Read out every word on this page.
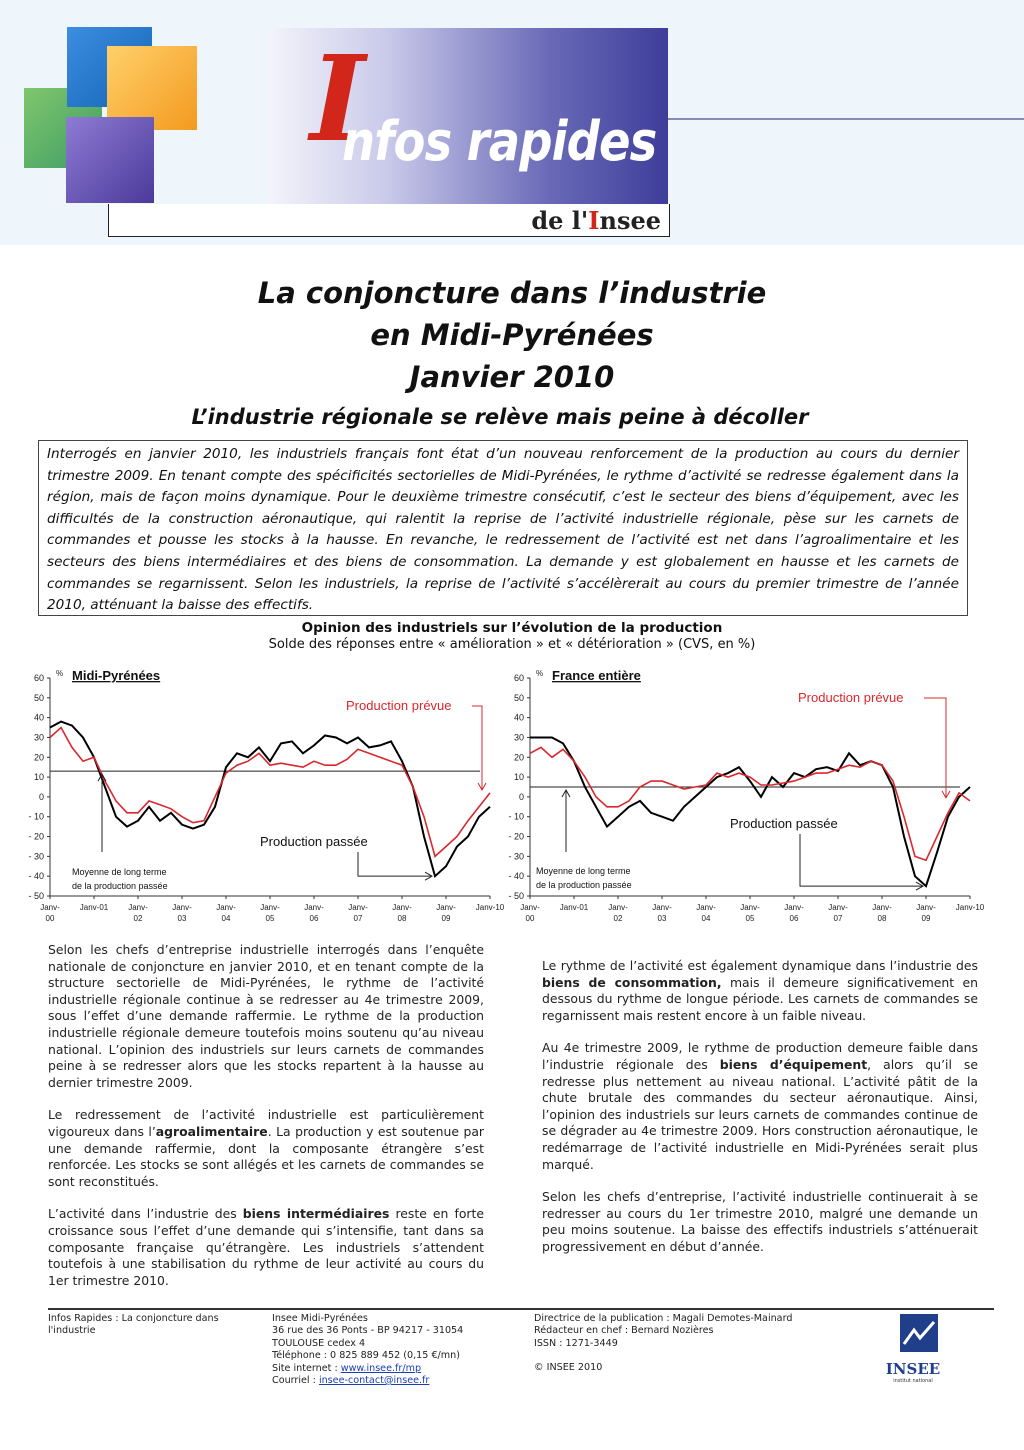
I
nfos rapides
de l'Insee
La conjoncture dans l’industrie
en Midi-Pyrénées
Janvier 2010
L’industrie régionale se relève mais peine à décoller
Interrogés en janvier 2010, les industriels français font état d’un nouveau renforcement de la production au cours du dernier trimestre 2009. En tenant compte des spécificités sectorielles de Midi-Pyrénées, le rythme d’activité se redresse également dans la région, mais de façon moins dynamique. Pour le deuxième trimestre consécutif, c’est le secteur des biens d’équipement, avec les difficultés de la construction aéronautique, qui ralentit la reprise de l’activité industrielle régionale, pèse sur les carnets de commandes et pousse les stocks à la hausse. En revanche, le redressement de l’activité est net dans l’agroalimentaire et les secteurs des biens intermédiaires et des biens de consommation. La demande y est globalement en hausse et les carnets de commandes se regarnissent. Selon les industriels, la reprise de l’activité s’accélèrerait au cours du premier trimestre de l’année 2010, atténuant la baisse des effectifs.
Opinion des industriels sur l’évolution de la production
Solde des réponses entre « amélioration » et « détérioration » (CVS, en %)
60
50
40
30
20
10
0
- 10
- 20
- 30
- 40
- 50
%
Janv-
00
Janv-01 Janv-
02
Janv-
03
Janv-
04
Janv-
05
Janv-
06
Janv-
07
Janv-
08
Janv-
09
Janv-10
Midi-Pyrénées
Production prévue
Production passée
Moyenne de long terme
de la production passée
60
50
40
30
20
10
0
- 10
- 20
- 30
- 40
- 50
%
Janv-
00
Janv-01 Janv-
02
Janv-
03
Janv-
04
Janv-
05
Janv-
06
Janv-
07
Janv-
08
Janv-
09
Janv-10
France entière
Production prévue
Production passée
Moyenne de long terme
de la production passée

Selon les chefs d’entreprise industrielle interrogés dans l’enquête nationale de conjoncture en janvier 2010, et en tenant compte de la structure sectorielle de Midi-Pyrénées, le rythme de l’activité industrielle régionale continue à se redresser au 4e trimestre 2009, sous l’effet d’une demande raffermie. Le rythme de la production industrielle régionale demeure toutefois moins soutenu qu’au niveau national. L’opinion des industriels sur leurs carnets de commandes peine à se redresser alors que les stocks repartent à la hausse au dernier trimestre 2009.

Le redressement de l’activité industrielle est particulièrement vigoureux dans l’agroalimentaire. La production y est soutenue par une demande raffermie, dont la composante étrangère s’est renforcée. Les stocks se sont allégés et les carnets de commandes se sont reconstitués.

L’activité dans l’industrie des biens intermédiaires reste en forte croissance sous l’effet d’une demande qui s’intensifie, tant dans sa composante française qu’étrangère. Les industriels s’attendent toutefois à une stabilisation du rythme de leur activité au cours du 1er trimestre 2010.

Le rythme de l’activité est également dynamique dans l’industrie des biens de consommation, mais il demeure significativement en dessous du rythme de longue période. Les carnets de commandes se regarnissent mais restent encore à un faible niveau.

Au 4e trimestre 2009, le rythme de production demeure faible dans l’industrie régionale des biens d’équipement, alors qu’il se redresse plus nettement au niveau national. L’activité pâtit de la chute brutale des commandes du secteur aéronautique. Ainsi, l’opinion des industriels sur leurs carnets de commandes continue de se dégrader au 4e trimestre 2009. Hors construction aéronautique, le redémarrage de l’activité industrielle en Midi-Pyrénées serait plus marqué.

Selon les chefs d’entreprise, l’activité industrielle continuerait à se redresser au cours du 1er trimestre 2010, malgré une demande un peu moins soutenue. La baisse des effectifs industriels s’atténuerait progressivement en début d’année.

Infos Rapides : La conjoncture dans
l'industrie
Insee Midi-Pyrénées
36 rue des 36 Ponts - BP 94217 - 31054
TOULOUSE cedex 4
Téléphone : 0 825 889 452 (0,15 €/mn)
Site internet : www.insee.fr/mp
Courriel : insee-contact@insee.fr
Directrice de la publication : Magali Demotes-Mainard
Rédacteur en chef : Bernard Nozières
ISSN : 1271-3449
© INSEE 2010	INSEE
institut national
